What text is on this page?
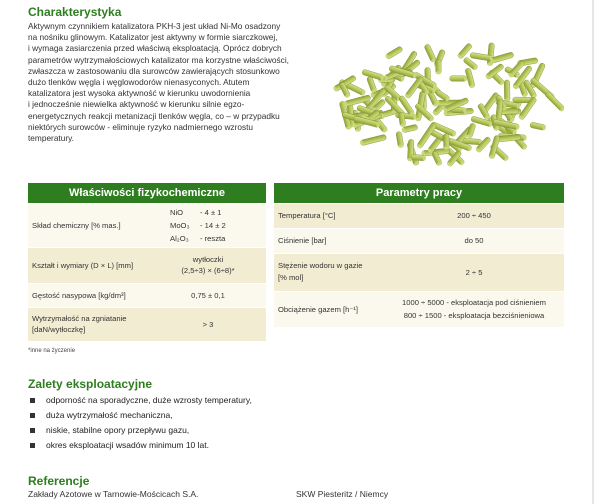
Charakterystyka
Aktywnym czynnikiem katalizatora PKH-3 jest układ Ni-Mo osadzony
na nośniku glinowym. Katalizator jest aktywny w formie siarczkowej,
i wymaga zasiarczenia przed właściwą eksploatacją. Oprócz dobrych
parametrów wytrzymałościowych katalizator ma korzystne właściwości,
zwłaszcza w zastosowaniu dla surowców zawierających stosunkowo
dużo tlenków węgla i węglowodorów nienasyconych. Atutem
katalizatora jest wysoka aktywność w kierunku uwodornienia
i jednocześnie niewielka aktywność w kierunku silnie egzo-
energetycznych reakcji metanizacji tlenków węgla, co – w przypadku
niektórych surowców - eliminuje ryzyko nadmiernego wzrostu
temperatury.
Właściwości fizykochemiczne
Skład chemiczny [% mas.]	NiO - 4 ± 1
MoO₃ - 14 ± 2
Al₂O₃ - reszta

Kształt i wymiary (D × L) [mm]	wytłoczki
(2,5÷3) × (6÷8)*

Gęstość nasypowa [kg/dm³]	0,75 ± 0,1

Wytrzymałość na zgniatanie
[daN/wytłoczkę]	> 3
*inne na życzenie
Parametry pracy
Temperatura [°C]	200 ÷ 450
Ciśnienie [bar]	do 50

Stężenie wodoru w gazie
[% mol]	2 ÷ 5
Obciążenie gazem [h⁻¹]	1000 ÷ 5000 - eksploatacja pod ciśnieniem
800 ÷ 1500 - eksploatacja bezciśnieniowa
Zalety eksploatacyjne
odporność na sporadyczne, duże wzrosty temperatury,
duża wytrzymałość mechaniczna,
niskie, stabilne opory przepływu gazu,
okres eksploatacji wsadów minimum 10 lat.
Referencje
Zakłady Azotowe w Tarnowie-Mościcach S.A.	SKW Piesteritz / Niemcy
